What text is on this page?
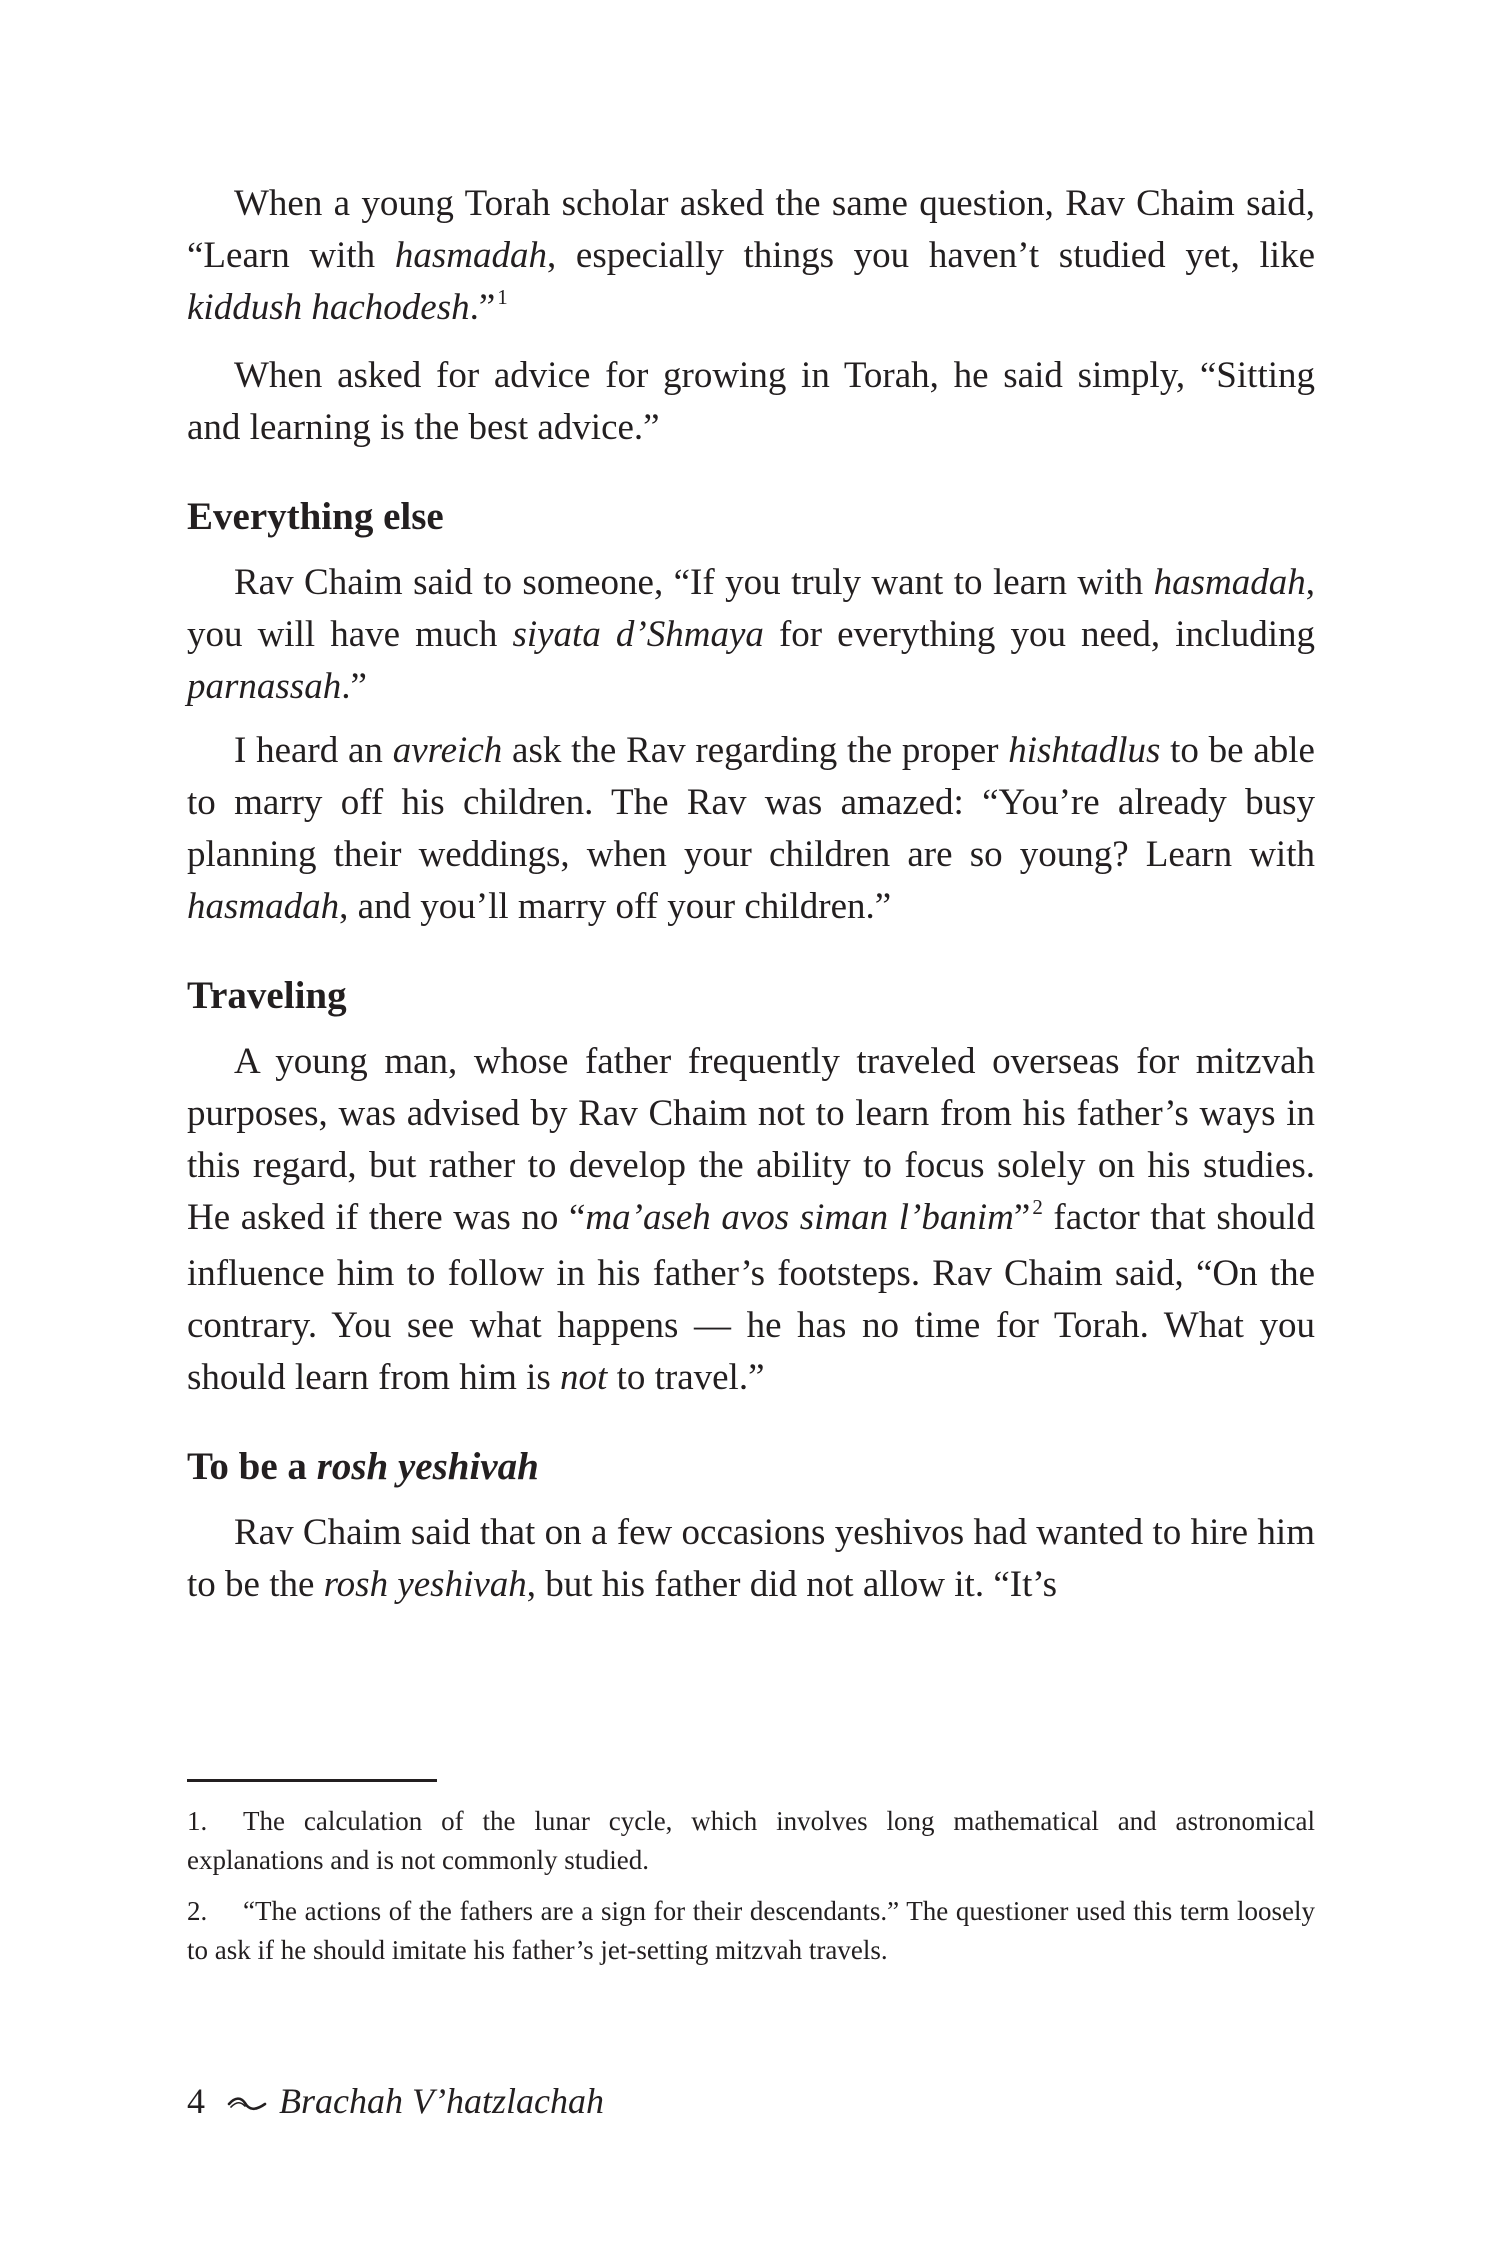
When a young Torah scholar asked the same question, Rav Chaim said, “Learn with hasmadah, especially things you haven’t studied yet, like kiddush hachodesh.”$^1$

When asked for advice for growing in Torah, he said simply, “Sitting and learning is the best advice.”

Everything else

Rav Chaim said to someone, “If you truly want to learn with hasmadah, you will have much siyata d’Shmaya for everything you need, including parnassah.”

I heard an avreich ask the Rav regarding the proper hishtadlus to be able to marry off his children. The Rav was amazed: “You’re already busy planning their weddings, when your children are so young? Learn with hasmadah, and you’ll marry off your children.”

Traveling

A young man, whose father frequently traveled overseas for mitzvah purposes, was advised by Rav Chaim not to learn from his father’s ways in this regard, but rather to develop the ability to focus solely on his studies. He asked if there was no “ma’aseh avos siman l’banim”$^2$ factor that should influence him to follow in his father’s footsteps. Rav Chaim said, “On the contrary. You see what happens — he has no time for Torah. What you should learn from him is not to travel.”

To be a rosh yeshivah

Rav Chaim said that on a few occasions yeshivos had wanted to hire him to be the rosh yeshivah, but his father did not allow it. “It’s

1. The calculation of the lunar cycle, which involves long mathematical and astronomical explanations and is not commonly studied.

2. “The actions of the fathers are a sign for their descendants.” The questioner used this term loosely to ask if he should imitate his father’s jet-setting mitzvah travels.

4 Brachah V’hatzlachah
